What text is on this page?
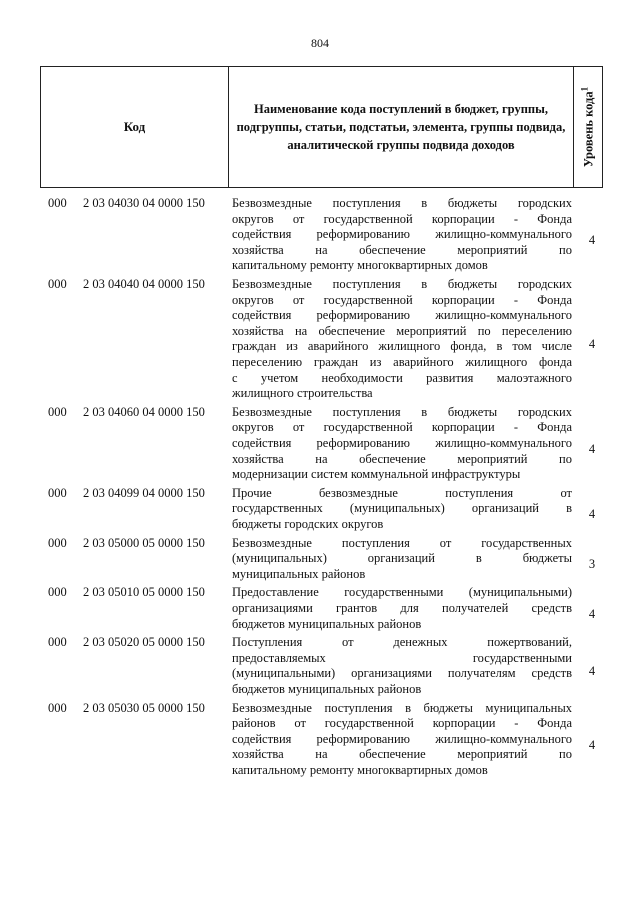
804
Код
Наименование кода поступлений в бюджет, группы, подгруппы, статьи, подстатьи, элемента, группы подвида, аналитической группы подвида доходов	Уровень кода$^1$
000 2 03 04030 04 0000 150 Безвозмездные поступления в бюджеты городских
округов от государственной корпорации - Фонда
содействия реформированию жилищно-коммунального
хозяйства на обеспечение мероприятий по
капитальному ремонту многоквартирных домов
4
000 2 03 04040 04 0000 150 Безвозмездные поступления в бюджеты городских
округов от государственной корпорации - Фонда
содействия реформированию жилищно-коммунального
хозяйства на обеспечение мероприятий по переселению
граждан из аварийного жилищного фонда, в том числе
переселению граждан из аварийного жилищного фонда
с учетом необходимости развития малоэтажного
жилищного строительства
4
000 2 03 04060 04 0000 150 Безвозмездные поступления в бюджеты городских
округов от государственной корпорации - Фонда
содействия реформированию жилищно-коммунального
хозяйства на обеспечение мероприятий по
модернизации систем коммунальной инфраструктуры
4
000 2 03 04099 04 0000 150 Прочие безвозмездные поступления от
государственных (муниципальных) организаций в
бюджеты городских округов
4
000 2 03 05000 05 0000 150 Безвозмездные поступления от государственных
(муниципальных) организаций в бюджеты
муниципальных районов
3
000 2 03 05010 05 0000 150 Предоставление государственными (муниципальными)
организациями грантов для получателей средств
бюджетов муниципальных районов
4
000 2 03 05020 05 0000 150 Поступления от денежных пожертвований,
предоставляемых государственными
(муниципальными) организациями получателям средств
бюджетов муниципальных районов
4
000 2 03 05030 05 0000 150 Безвозмездные поступления в бюджеты муниципальных
районов от государственной корпорации - Фонда
содействия реформированию жилищно-коммунального
хозяйства на обеспечение мероприятий по
капитальному ремонту многоквартирных домов
4
